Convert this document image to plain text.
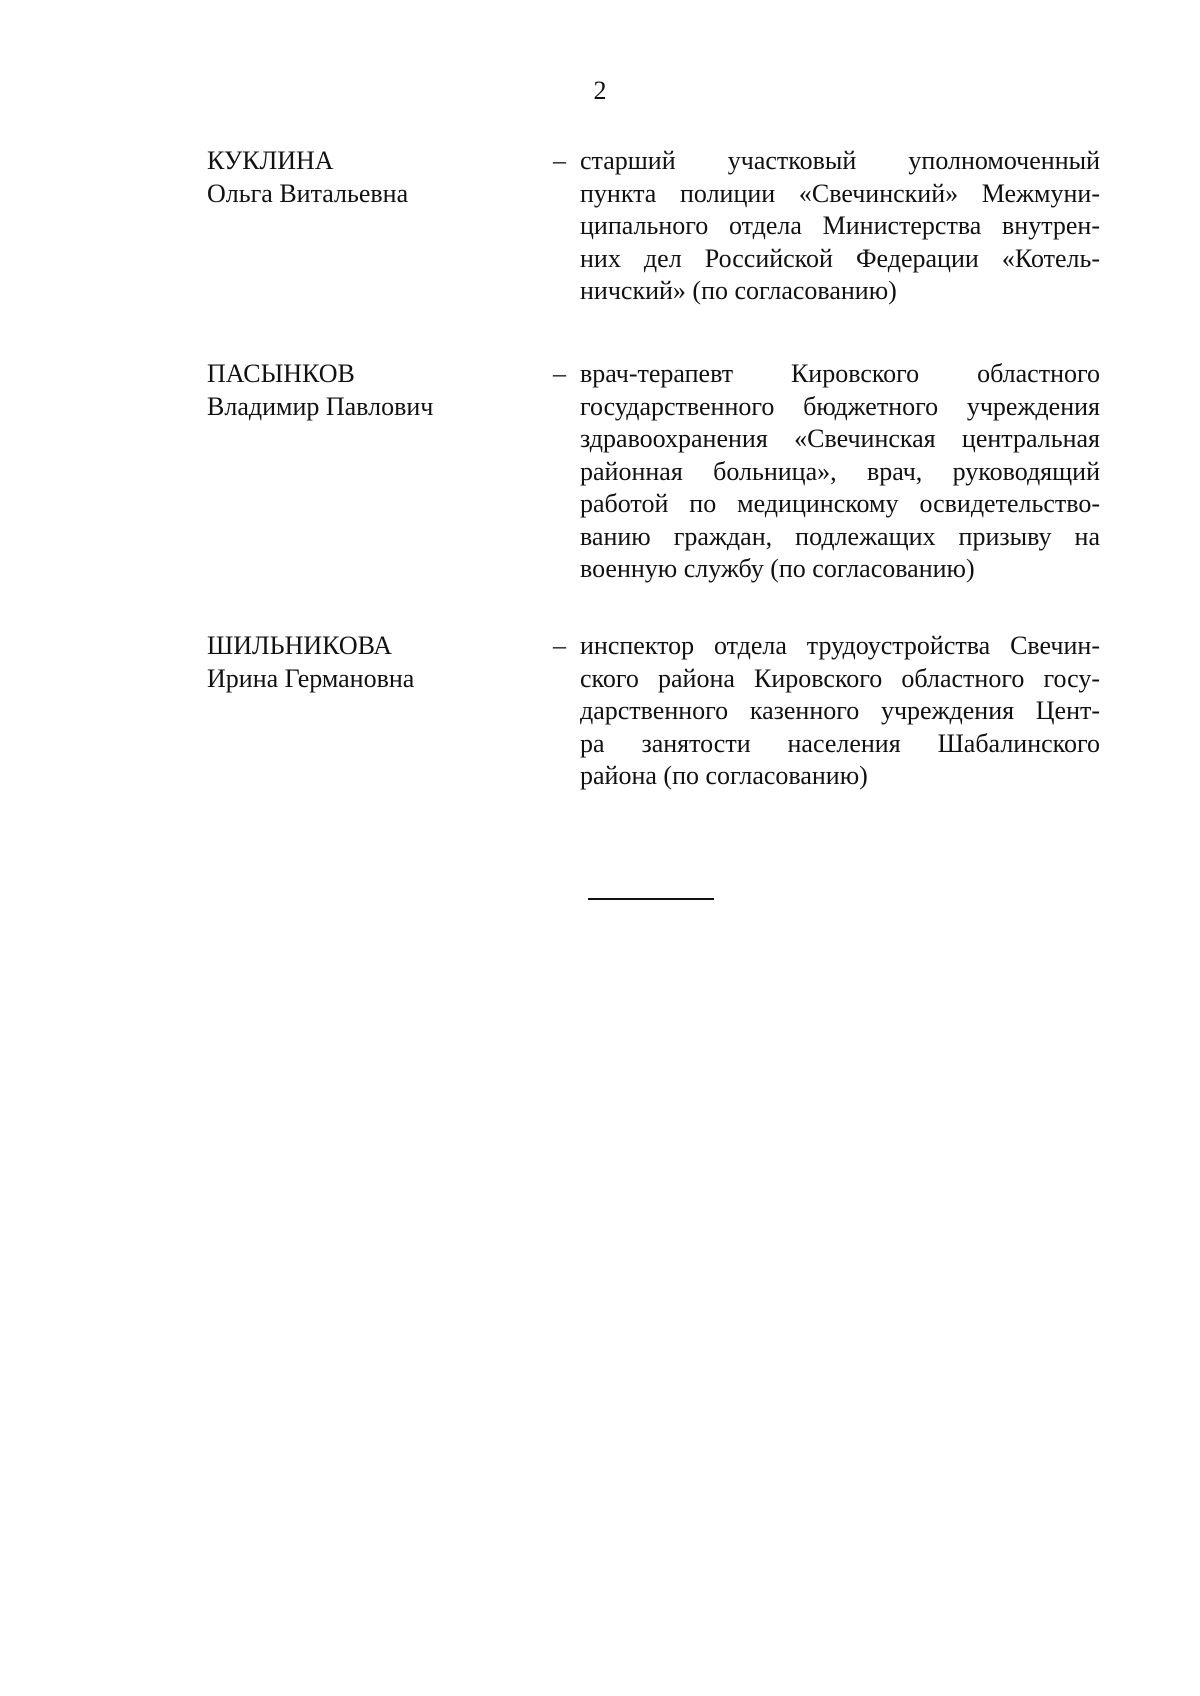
2
КУКЛИНА
Ольга Витальевна
– старший участковый уполномоченный
пункта полиции «Свечинский» Межмуни-
ципального отдела Министерства внутрен-
них дел Российской Федерации «Котель-
ничский» (по согласованию)
ПАСЫНКОВ
Владимир Павлович
– врач-терапевт Кировского областного
государственного бюджетного учреждения
здравоохранения «Свечинская центральная
районная больница», врач, руководящий
работой по медицинскому освидетельство-
ванию граждан, подлежащих призыву на
военную службу (по согласованию)
ШИЛЬНИКОВА
Ирина Германовна
– инспектор отдела трудоустройства Свечин-
ского района Кировского областного госу-
дарственного казенного учреждения Цент-
ра занятости населения Шабалинского
района (по согласованию)
